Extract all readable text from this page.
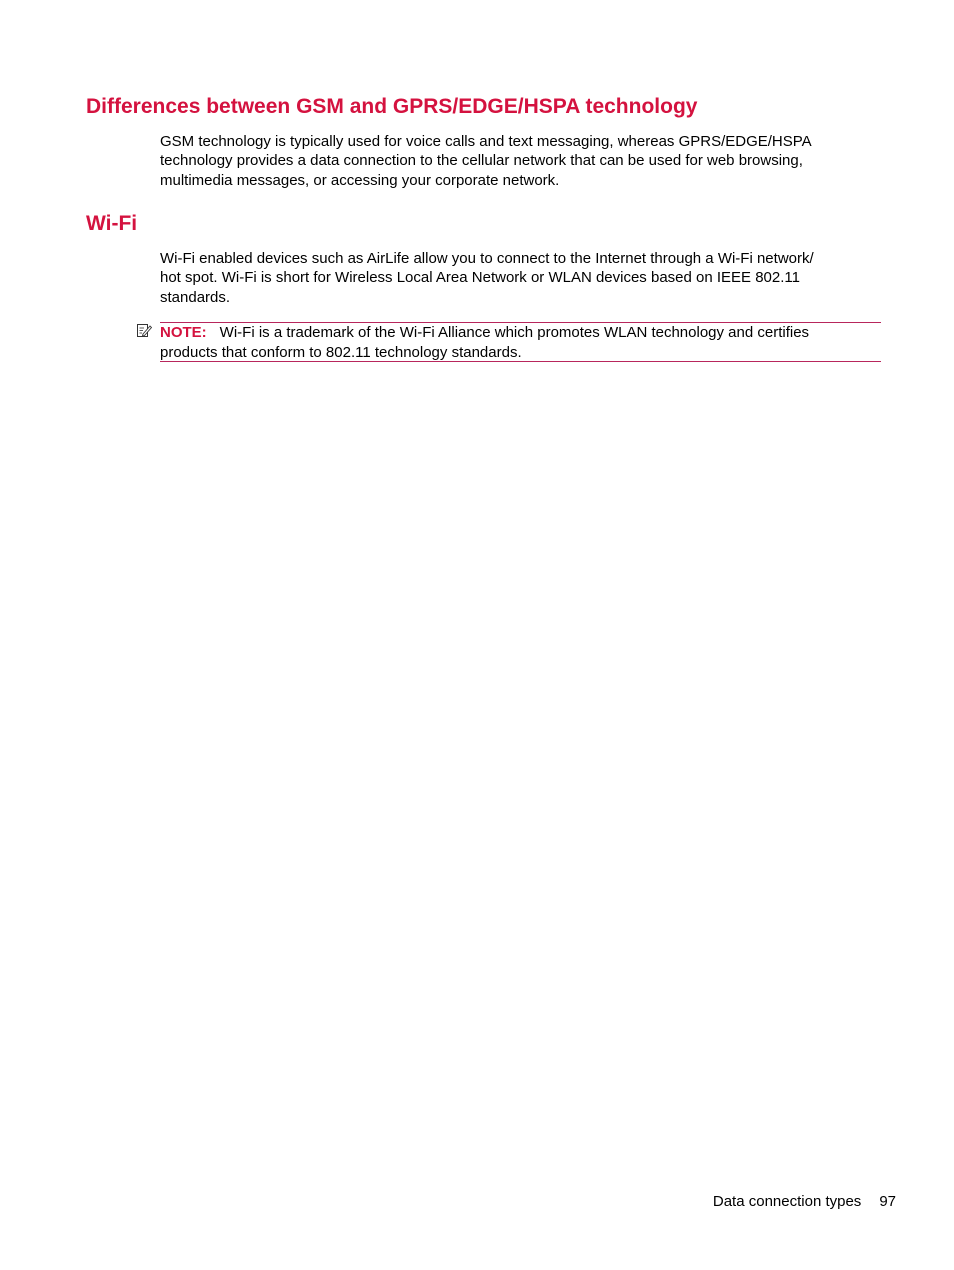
Differences between GSM and GPRS/EDGE/HSPA technology
GSM technology is typically used for voice calls and text messaging, whereas GPRS/EDGE/HSPA
technology provides a data connection to the cellular network that can be used for web browsing,
multimedia messages, or accessing your corporate network.
Wi-Fi
Wi-Fi enabled devices such as AirLife allow you to connect to the Internet through a Wi-Fi network/
hot spot. Wi-Fi is short for Wireless Local Area Network or WLAN devices based on IEEE 802.11
standards.
NOTE: Wi-Fi is a trademark of the Wi-Fi Alliance which promotes WLAN technology and certifies
products that conform to 802.11 technology standards.
Data connection types 97
